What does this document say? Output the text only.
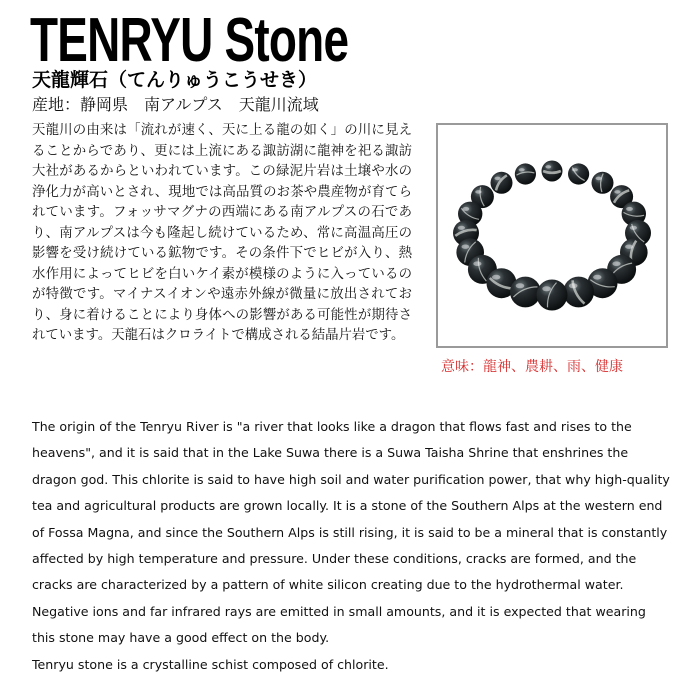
TENRYU Stone
天龍輝石（てんりゅうこうせき）
産地：静岡県　南アルプス　天龍川流域
天龍川の由来は「流れが速く、天に上る龍の如く」の川に見えることからであり、更には上流にある諏訪湖に龍神を祀る諏訪大社があるからといわれています。この緑泥片岩は土壌や水の浄化力が高いとされ、現地では高品質のお茶や農産物が育てられています。フォッサマグナの西端にある南アルプスの石であり、南アルプスは今も隆起し続けているため、常に高温高圧の影響を受け続けている鉱物です。その条件下でヒビが入り、熱水作用によってヒビを白いケイ素が模様のように入っているのが特徴です。マイナスイオンや遠赤外線が微量に放出されており、身に着けることにより身体への影響がある可能性が期待されています。天龍石はクロライトで構成される結晶片岩です。
意味：龍神、農耕、雨、健康

The origin of the Tenryu River is "a river that looks like a dragon that flows fast and rises to the heavens", and it is said that in the Lake Suwa there is a Suwa Taisha Shrine that enshrines the dragon god. This chlorite is said to have high soil and water purification power, that why high-quality tea and agricultural products are grown locally. It is a stone of the Southern Alps at the western end of Fossa Magna, and since the Southern Alps is still rising, it is said to be a mineral that is constantly affected by high temperature and pressure. Under these conditions, cracks are formed, and the cracks are characterized by a pattern of white silicon creating due to the hydrothermal water. Negative ions and far infrared rays are emitted in small amounts, and it is expected that wearing this stone may have a good effect on the body.

Tenryu stone is a crystalline schist composed of chlorite.
